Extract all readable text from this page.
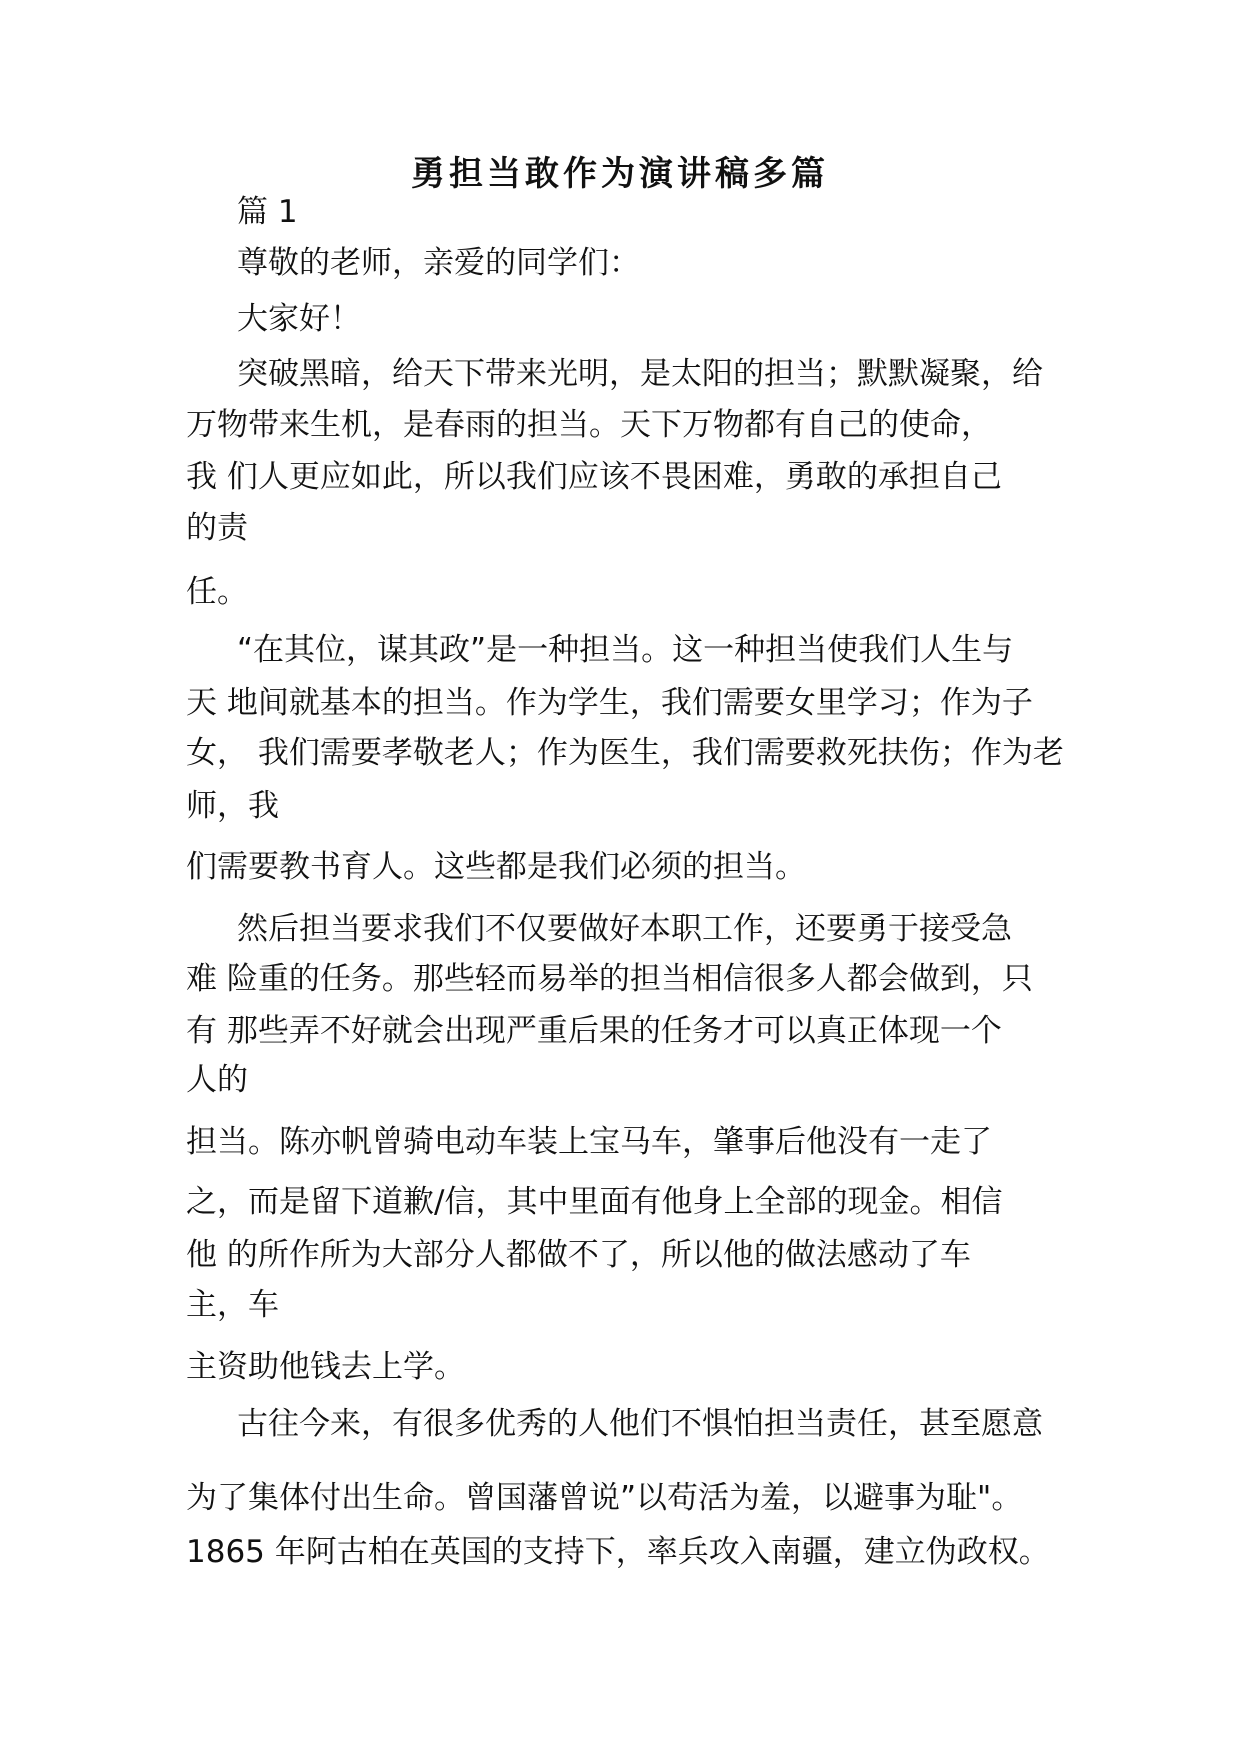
勇担当敢作为演讲稿多篇
篇 1
尊敬的老师，亲爱的同学们：
大家好！
突破黑暗，给天下带来光明，是太阳的担当；默默凝聚，给
万物带来生机，是春雨的担当。天下万物都有自己的使命，
我 们人更应如此，所以我们应该不畏困难，勇敢的承担自己
的责
任。
“在其位，谋其政”是一种担当。这一种担当使我们人生与
天 地间就基本的担当。作为学生，我们需要女里学习；作为子
女， 我们需要孝敬老人；作为医生，我们需要救死扶伤；作为老
师，我
们需要教书育人。这些都是我们必须的担当。
然后担当要求我们不仅要做好本职工作，还要勇于接受急
难 险重的任务。那些轻而易举的担当相信很多人都会做到，只
有 那些弄不好就会出现严重后果的任务才可以真正体现一个
人的
担当。陈亦帆曾骑电动车装上宝马车，肇事后他没有一走了
之，而是留下道歉/信，其中里面有他身上全部的现金。相信
他 的所作所为大部分人都做不了，所以他的做法感动了车
主，车
主资助他钱去上学。
古往今来，有很多优秀的人他们不惧怕担当责任，甚至愿意
为了集体付出生命。曾国藩曾说”以苟活为羞，以避事为耻"。
1865 年阿古柏在英国的支持下，率兵攻入南疆，建立伪政权。
